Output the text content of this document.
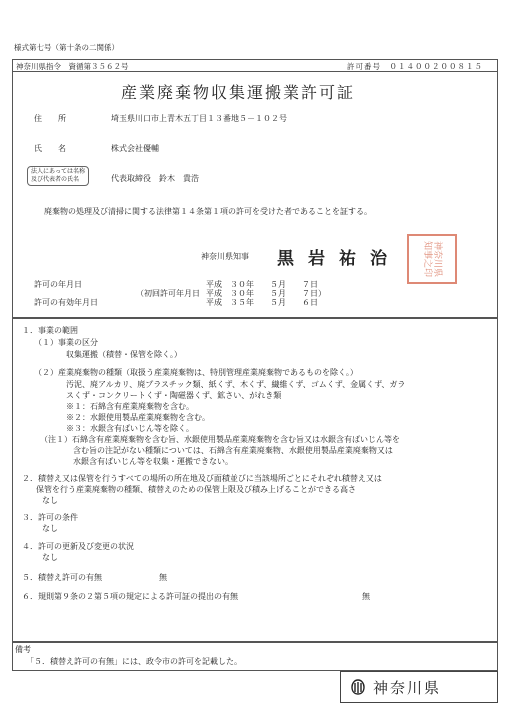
様式第七号（第十条の二関係）
神奈川県指令　資循第３５６２号	許可番号　０１４００２００８１５
産業廃棄物収集運搬業許可証
住　　所	埼玉県川口市上青木五丁目１３番地５－１０２号
氏　　名	株式会社優輔
法人にあっては名称
及び代表者の氏名	代表取締役　鈴木　貴浩
廃棄物の処理及び清掃に関する法律第１４条第１項の許可を受けた者であることを証する。
神奈川県知事 黒岩祐治	神奈川県
知事之印
許可の年月日	平成　３０年　　５月　　７日
（初回許可年月日 平成　３０年　　５月　　７日）
許可の有効年月日	平成　３５年　　５月　　６日
１．事業の範囲
（１）事業の区分
収集運搬（積替・保管を除く。）
（２）産業廃棄物の種類（取扱う産業廃棄物は、特別管理産業廃棄物であるものを除く。）
汚泥、廃アルカリ、廃プラスチック類、紙くず、木くず、繊維くず、ゴムくず、金属くず、ガラ
スくず・コンクリートくず・陶磁器くず、鉱さい、がれき類
※１：石綿含有産業廃棄物を含む。
※２：水銀使用製品産業廃棄物を含む。
※３：水銀含有ばいじん等を除く。
（注１）石綿含有産業廃棄物を含む旨、水銀使用製品産業廃棄物を含む旨又は水銀含有ばいじん等を
含む旨の注記がない種類については、石綿含有産業廃棄物、水銀使用製品産業廃棄物又は
水銀含有ばいじん等を収集・運搬できない。
２．積替え又は保管を行うすべての場所の所在地及び面積並びに当該場所ごとにそれぞれ積替え又は
保管を行う産業廃棄物の種類、積替えのための保管上限及び積み上げることができる高さ
なし
３．許可の条件
なし
４．許可の更新及び変更の状況
なし
５．積替え許可の有無	無
６．規則第９条の２第５項の規定による許可証の提出の有無	無
備考
「５．積替え許可の有無」には、政令市の許可を記載した。
神奈川県
